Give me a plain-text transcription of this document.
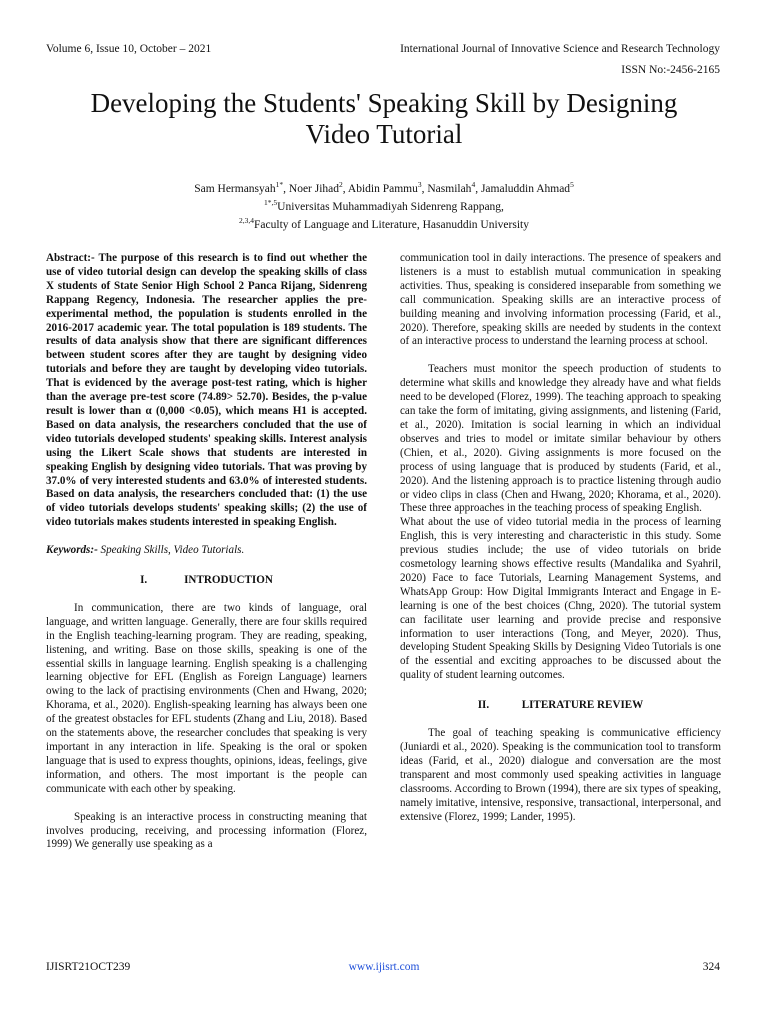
Volume 6, Issue 10, October – 2021	International Journal of Innovative Science and Research Technology
ISSN No:-2456-2165
Developing the Students' Speaking Skill by Designing Video Tutorial
Sam Hermansyah$^{1*}$, Noer Jihad$^2$, Abidin Pammu$^3$, Nasmilah$^4$, Jamaluddin Ahmad$^5$
$^{1*,5}$Universitas Muhammadiyah Sidenreng Rappang,
$^{2,3,4}$Faculty of Language and Literature, Hasanuddin University

Abstract:- The purpose of this research is to find out whether the use of video tutorial design can develop the speaking skills of class X students of State Senior High School 2 Panca Rijang, Sidenreng Rappang Regency, Indonesia. The researcher applies the pre-experimental method, the population is students enrolled in the 2016-2017 academic year. The total population is 189 students. The results of data analysis show that there are significant differences between student scores after they are taught by designing video tutorials and before they are taught by developing video tutorials. That is evidenced by the average post-test rating, which is higher than the average pre-test score (74.89> 52.70). Besides, the p-value result is lower than α (0,000 <0.05), which means H1 is accepted. Based on data analysis, the researchers concluded that the use of video tutorials developed students' speaking skills. Interest analysis using the Likert Scale shows that students are interested in speaking English by designing video tutorials. That was proving by 37.0% of very interested students and 63.0% of interested students. Based on data analysis, the researchers concluded that: (1) the use of video tutorials develops students' speaking skills; (2) the use of video tutorials makes students interested in speaking English.

Keywords:- Speaking Skills, Video Tutorials.

I.	INTRODUCTION

In communication, there are two kinds of language, oral language, and written language. Generally, there are four skills required in the English teaching-learning program. They are reading, speaking, listening, and writing. Base on those skills, speaking is one of the essential skills in language learning. English speaking is a challenging learning objective for EFL (English as Foreign Language) learners owing to the lack of practising environments (Chen and Hwang, 2020; Khorama, et al., 2020). English-speaking learning has always been one of the greatest obstacles for EFL students (Zhang and Liu, 2018). Based on the statements above, the researcher concludes that speaking is very important in any interaction in life. Speaking is the oral or spoken language that is used to express thoughts, opinions, ideas, feelings, give information, and others. The most important is the people can communicate with each other by speaking.

Speaking is an interactive process in constructing meaning that involves producing, receiving, and processing information (Florez, 1999) We generally use speaking as a

communication tool in daily interactions. The presence of speakers and listeners is a must to establish mutual communication in speaking activities. Thus, speaking is considered inseparable from something we call communication. Speaking skills are an interactive process of building meaning and involving information processing (Farid, et al., 2020). Therefore, speaking skills are needed by students in the context of an interactive process to understand the learning process at school.

Teachers must monitor the speech production of students to determine what skills and knowledge they already have and what fields need to be developed (Florez, 1999). The teaching approach to speaking can take the form of imitating, giving assignments, and listening (Farid, et al., 2020). Imitation is social learning in which an individual observes and tries to model or imitate similar behaviour by others (Chien, et al., 2020). Giving assignments is more focused on the process of using language that is produced by students (Farid, et al., 2020). And the listening approach is to practice listening through audio or video clips in class (Chen and Hwang, 2020; Khorama, et al., 2020). These three approaches in the teaching process of speaking English.

What about the use of video tutorial media in the process of learning English, this is very interesting and characteristic in this study. Some previous studies include; the use of video tutorials on bride cosmetology learning shows effective results (Mandalika and Syahril, 2020) Face to face Tutorials, Learning Management Systems, and WhatsApp Group: How Digital Immigrants Interact and Engage in E-learning is one of the best choices (Chng, 2020). The tutorial system can facilitate user learning and provide precise and responsive information to user interactions (Tong, and Meyer, 2020). Thus, developing Student Speaking Skills by Designing Video Tutorials is one of the essential and exciting approaches to be discussed about the quality of student learning outcomes.

II.	LITERATURE REVIEW

The goal of teaching speaking is communicative efficiency (Juniardi et al., 2020). Speaking is the communication tool to transform ideas (Farid, et al., 2020) dialogue and conversation are the most transparent and most commonly used speaking activities in language classrooms. According to Brown (1994), there are six types of speaking, namely imitative, intensive, responsive, transactional, interpersonal, and extensive (Florez, 1999; Lander, 1995).

IJISRT21OCT239	www.ijisrt.com	324
